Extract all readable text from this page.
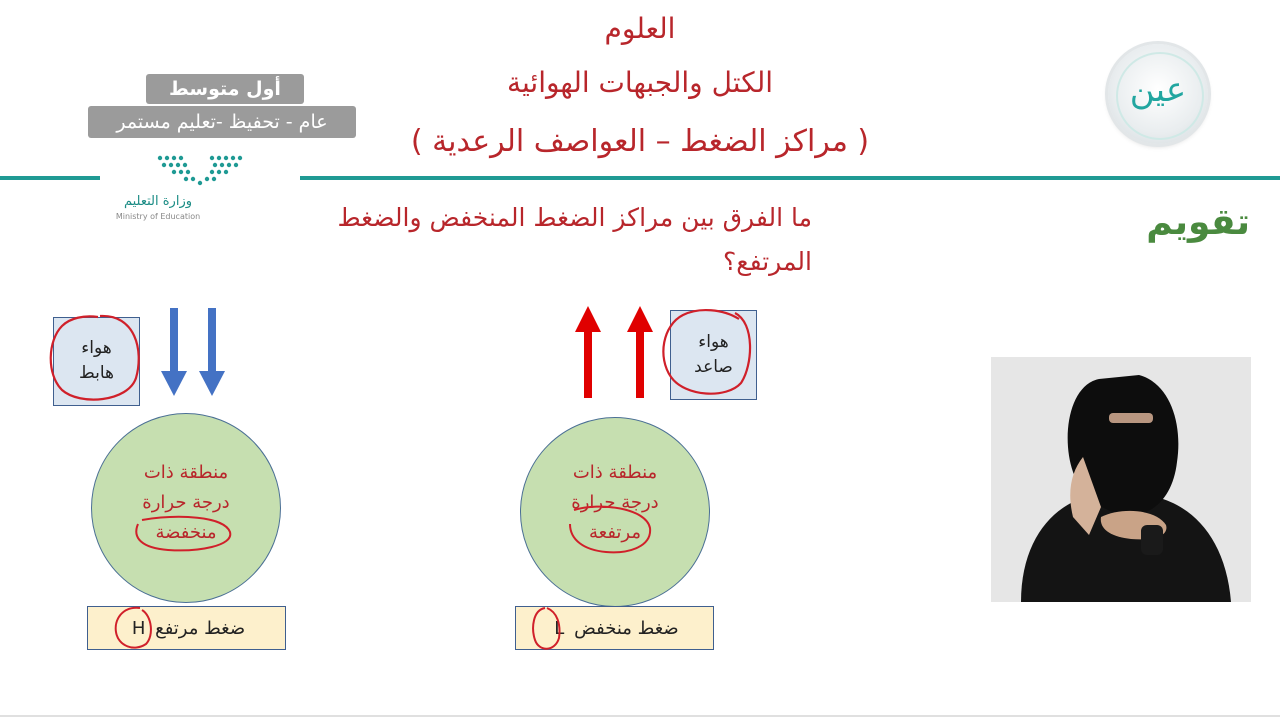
العلوم
الكتل والجبهات الهوائية
( مراكز الضغط – العواصف الرعدية )
أول متوسط
عام - تحفيظ -تعليم مستمر
وزارة التعليم
Ministry of Education
عين
تقويم
ما الفرق بين مراكز الضغط المنخفض والضغط المرتفع؟
هواء
هابط
منطقة ذات
درجة حرارة
منخفضة
ضغط مرتفع H
هواء
صاعد
منطقة ذات
درجة حرارة
مرتفعة
ضغط منخفض L
